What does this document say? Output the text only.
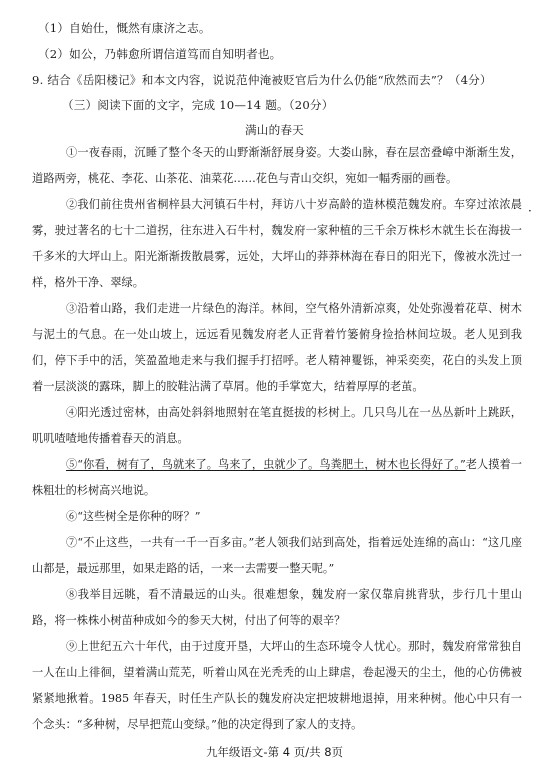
（1）自始仕，慨然有康济之志。
（2）如公，乃韩愈所谓信道笃而自知明者也。
9. 结合《岳阳楼记》和本文内容，说说范仲淹被贬官后为什么仍能“欣然而去”？（4分）
（三）阅读下面的文字，完成 10—14 题。（20分）
满山的春天
①一夜春雨，沉睡了整个冬天的山野渐渐舒展身姿。大娄山脉，春在层峦叠嶂中渐渐生发，道路两旁，桃花、李花、山茶花、油菜花……花色与青山交织，宛如一幅秀丽的画卷。
②我们前往贵州省桐梓县大河镇石牛村，拜访八十岁高龄的造林模范魏发府。车穿过浓浓晨雾，驶过著名的七十二道拐，往东进入石牛村，魏发府一家种植的三千余万株杉木就生长在海拔一千多米的大坪山上。阳光渐渐拨散晨雾，远处，大坪山的莽莽林海在春日的阳光下，像被水洗过一样，格外干净、翠绿。
·
③沿着山路，我们走进一片绿色的海洋。林间，空气格外清新凉爽，处处弥漫着花草、树木与泥土的气息。在一处山坡上，远远看见魏发府老人正背着竹篓俯身捡拾林间垃圾。老人见到我们，停下手中的活，笑盈盈地走来与我们握手打招呼。老人精神矍铄，神采奕奕，花白的头发上顶着一层淡淡的露珠，脚上的胶鞋沾满了草屑。他的手掌宽大，结着厚厚的老茧。
④阳光透过密林，由高处斜斜地照射在笔直挺拔的杉树上。几只鸟儿在一丛丛新叶上跳跃，叽叽喳喳地传播着春天的消息。
⑤“你看，树有了，鸟就来了。鸟来了，虫就少了。鸟粪肥土，树木也长得好了。”老人摸着一株粗壮的杉树高兴地说。
⑥“这些树全是你种的呀？”
⑦“不止这些，一共有一千一百多亩。”老人领我们站到高处，指着远处连绵的高山：“这几座山都是，最远那里，如果走路的话，一来一去需要一整天呢。”
⑧我举目远眺，看不清最远的山头。很难想象，魏发府一家仅靠肩挑背驮，步行几十里山路，将一株株小树苗种成如今的参天大树，付出了何等的艰辛？
⑨上世纪五六十年代，由于过度开垦，大坪山的生态环境令人忧心。那时，魏发府常常独自一人在山上徘徊，望着满山荒芜，听着山风在光秃秃的山上肆虐，卷起漫天的尘土，他的心仿佛被紧紧地揪着。1985 年春天，时任生产队长的魏发府决定把坡耕地退掉，用来种树。他心中只有一个念头：“多种树，尽早把荒山变绿。”他的决定得到了家人的支持。
九年级语文-第 4 页/共 8页
